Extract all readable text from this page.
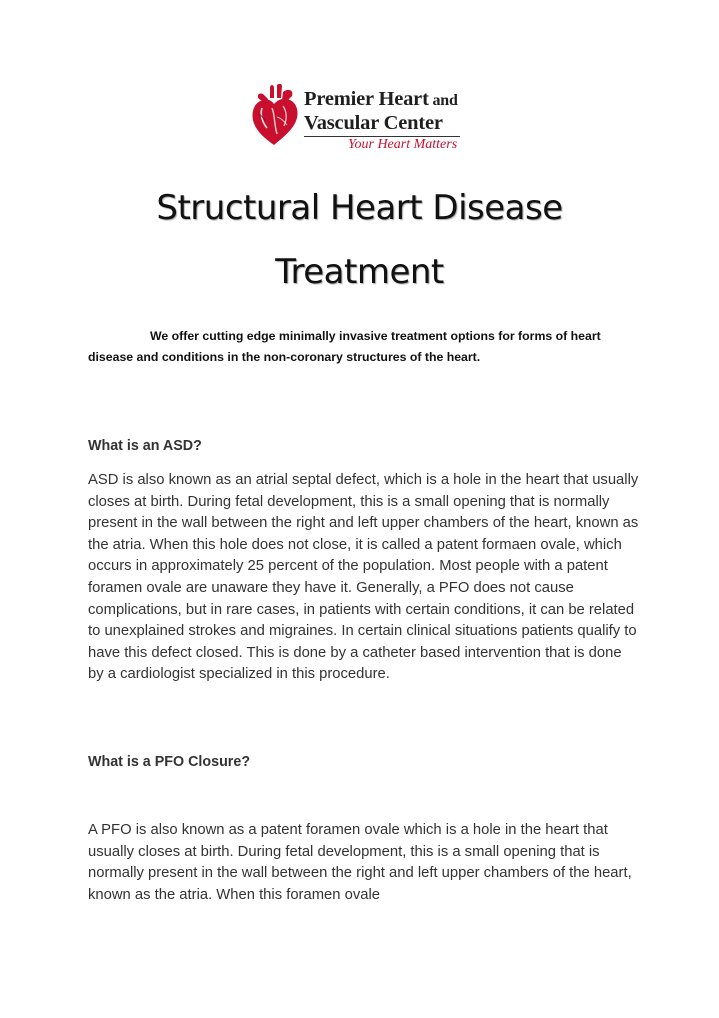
Premier Heart and
Vascular Center
Your Heart Matters
Structural Heart Disease
Treatment

We offer cutting edge minimally invasive treatment options for forms of heart disease and conditions in the non-coronary structures of the heart.

What is an ASD?

ASD is also known as an atrial septal defect, which is a hole in the heart that usually closes at birth. During fetal development, this is a small opening that is normally present in the wall between the right and left upper chambers of the heart, known as the atria. When this hole does not close, it is called a patent formaen ovale, which occurs in approximately 25 percent of the population. Most people with a patent foramen ovale are unaware they have it. Generally, a PFO does not cause complications, but in rare cases, in patients with certain conditions, it can be related to unexplained strokes and migraines. In certain clinical situations patients qualify to have this defect closed. This is done by a catheter based intervention that is done by a cardiologist specialized in this procedure.

What is a PFO Closure?

A PFO is also known as a patent foramen ovale which is a hole in the heart that usually closes at birth. During fetal development, this is a small opening that is normally present in the wall between the right and left upper chambers of the heart, known as the atria. When this foramen ovale
